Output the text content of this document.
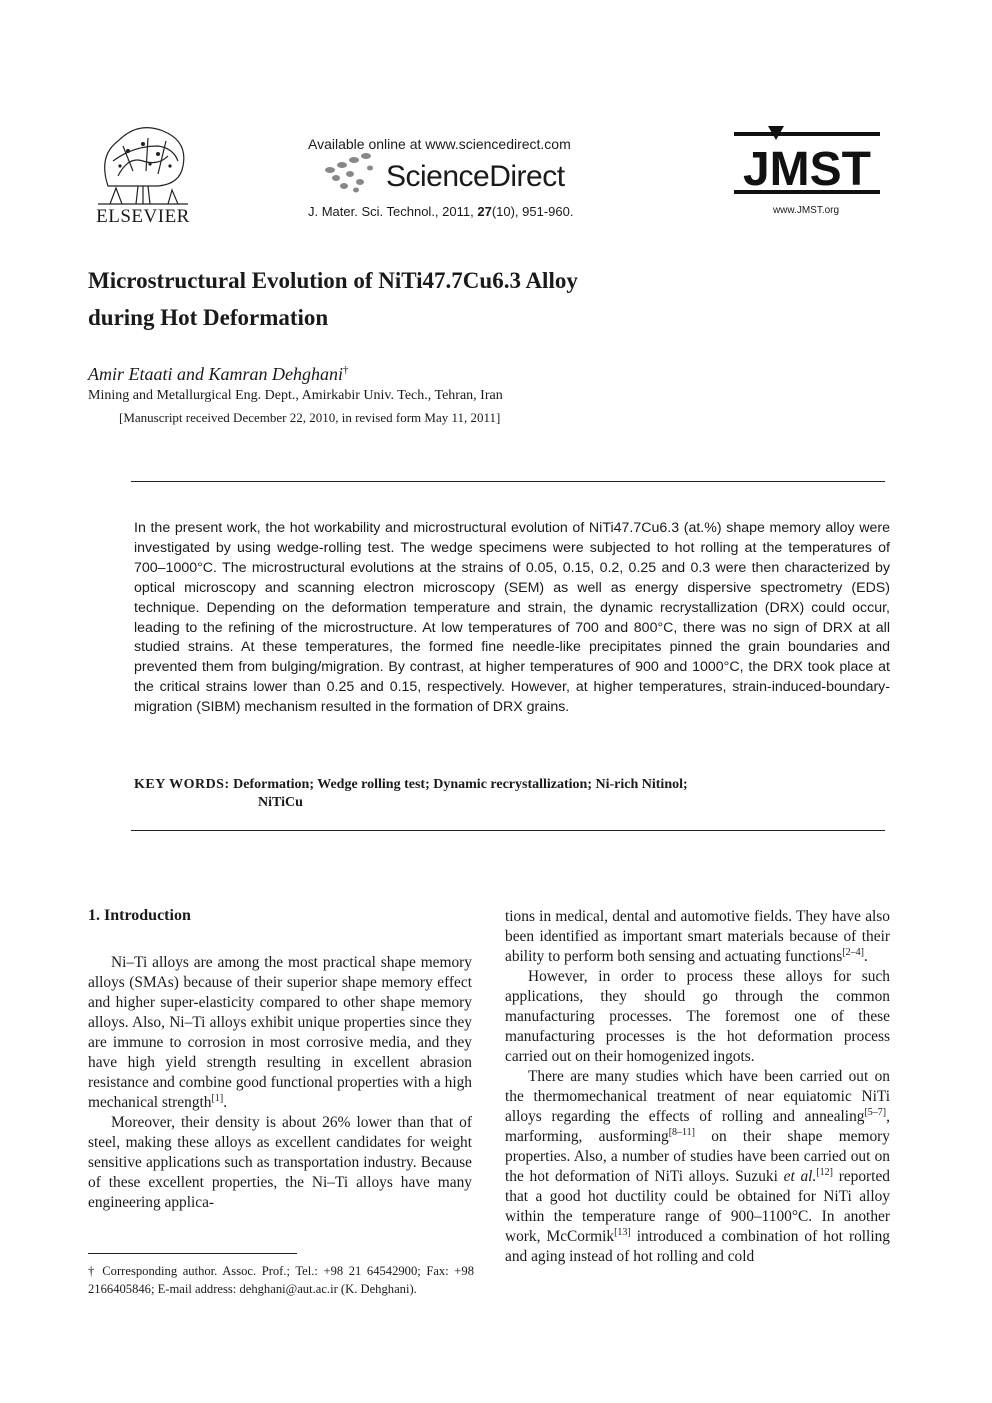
ELSEVIER
Available online at www.sciencedirect.com
ScienceDirect
J. Mater. Sci. Technol., 2011, 27(10), 951-960.
JMST
www.JMST.org
Microstructural Evolution of NiTi47.7Cu6.3 Alloy
during Hot Deformation
Amir Etaati and Kamran Dehghani†
Mining and Metallurgical Eng. Dept., Amirkabir Univ. Tech., Tehran, Iran
[Manuscript received December 22, 2010, in revised form May 11, 2011]
In the present work, the hot workability and microstructural evolution of NiTi47.7Cu6.3 (at.%) shape memory alloy were investigated by using wedge-rolling test. The wedge specimens were subjected to hot rolling at the temperatures of 700–1000°C. The microstructural evolutions at the strains of 0.05, 0.15, 0.2, 0.25 and 0.3 were then characterized by optical microscopy and scanning electron microscopy (SEM) as well as energy dispersive spectrometry (EDS) technique. Depending on the deformation temperature and strain, the dynamic recrystallization (DRX) could occur, leading to the refining of the microstructure. At low temperatures of 700 and 800°C, there was no sign of DRX at all studied strains. At these temperatures, the formed fine needle-like precipitates pinned the grain boundaries and prevented them from bulging/migration. By contrast, at higher temperatures of 900 and 1000°C, the DRX took place at the critical strains lower than 0.25 and 0.15, respectively. However, at higher temperatures, strain-induced-boundary-migration (SIBM) mechanism resulted in the formation of DRX grains.
KEY WORDS: Deformation; Wedge rolling test; Dynamic recrystallization; Ni-rich Nitinol;
NiTiCu
1. Introduction

Ni–Ti alloys are among the most practical shape memory alloys (SMAs) because of their superior shape memory effect and higher super-elasticity compared to other shape memory alloys. Also, Ni–Ti alloys exhibit unique properties since they are immune to corrosion in most corrosive media, and they have high yield strength resulting in excellent abrasion resistance and combine good functional properties with a high mechanical strength[1].

Moreover, their density is about 26% lower than that of steel, making these alloys as excellent candidates for weight sensitive applications such as transportation industry. Because of these excellent properties, the Ni–Ti alloys have many engineering applica-

tions in medical, dental and automotive fields. They have also been identified as important smart materials because of their ability to perform both sensing and actuating functions[2–4].

However, in order to process these alloys for such applications, they should go through the common manufacturing processes. The foremost one of these manufacturing processes is the hot deformation process carried out on their homogenized ingots.

There are many studies which have been carried out on the thermomechanical treatment of near equiatomic NiTi alloys regarding the effects of rolling and annealing[5–7], marforming, ausforming[8–11] on their shape memory properties. Also, a number of studies have been carried out on the hot deformation of NiTi alloys. Suzuki et al.[12] reported that a good hot ductility could be obtained for NiTi alloy within the temperature range of 900–1100°C. In another work, McCormik[13] introduced a combination of hot rolling and aging instead of hot rolling and cold

† Corresponding author. Assoc. Prof.; Tel.: +98 21 64542900; Fax: +98 2166405846; E-mail address: dehghani@aut.ac.ir (K. Dehghani).
